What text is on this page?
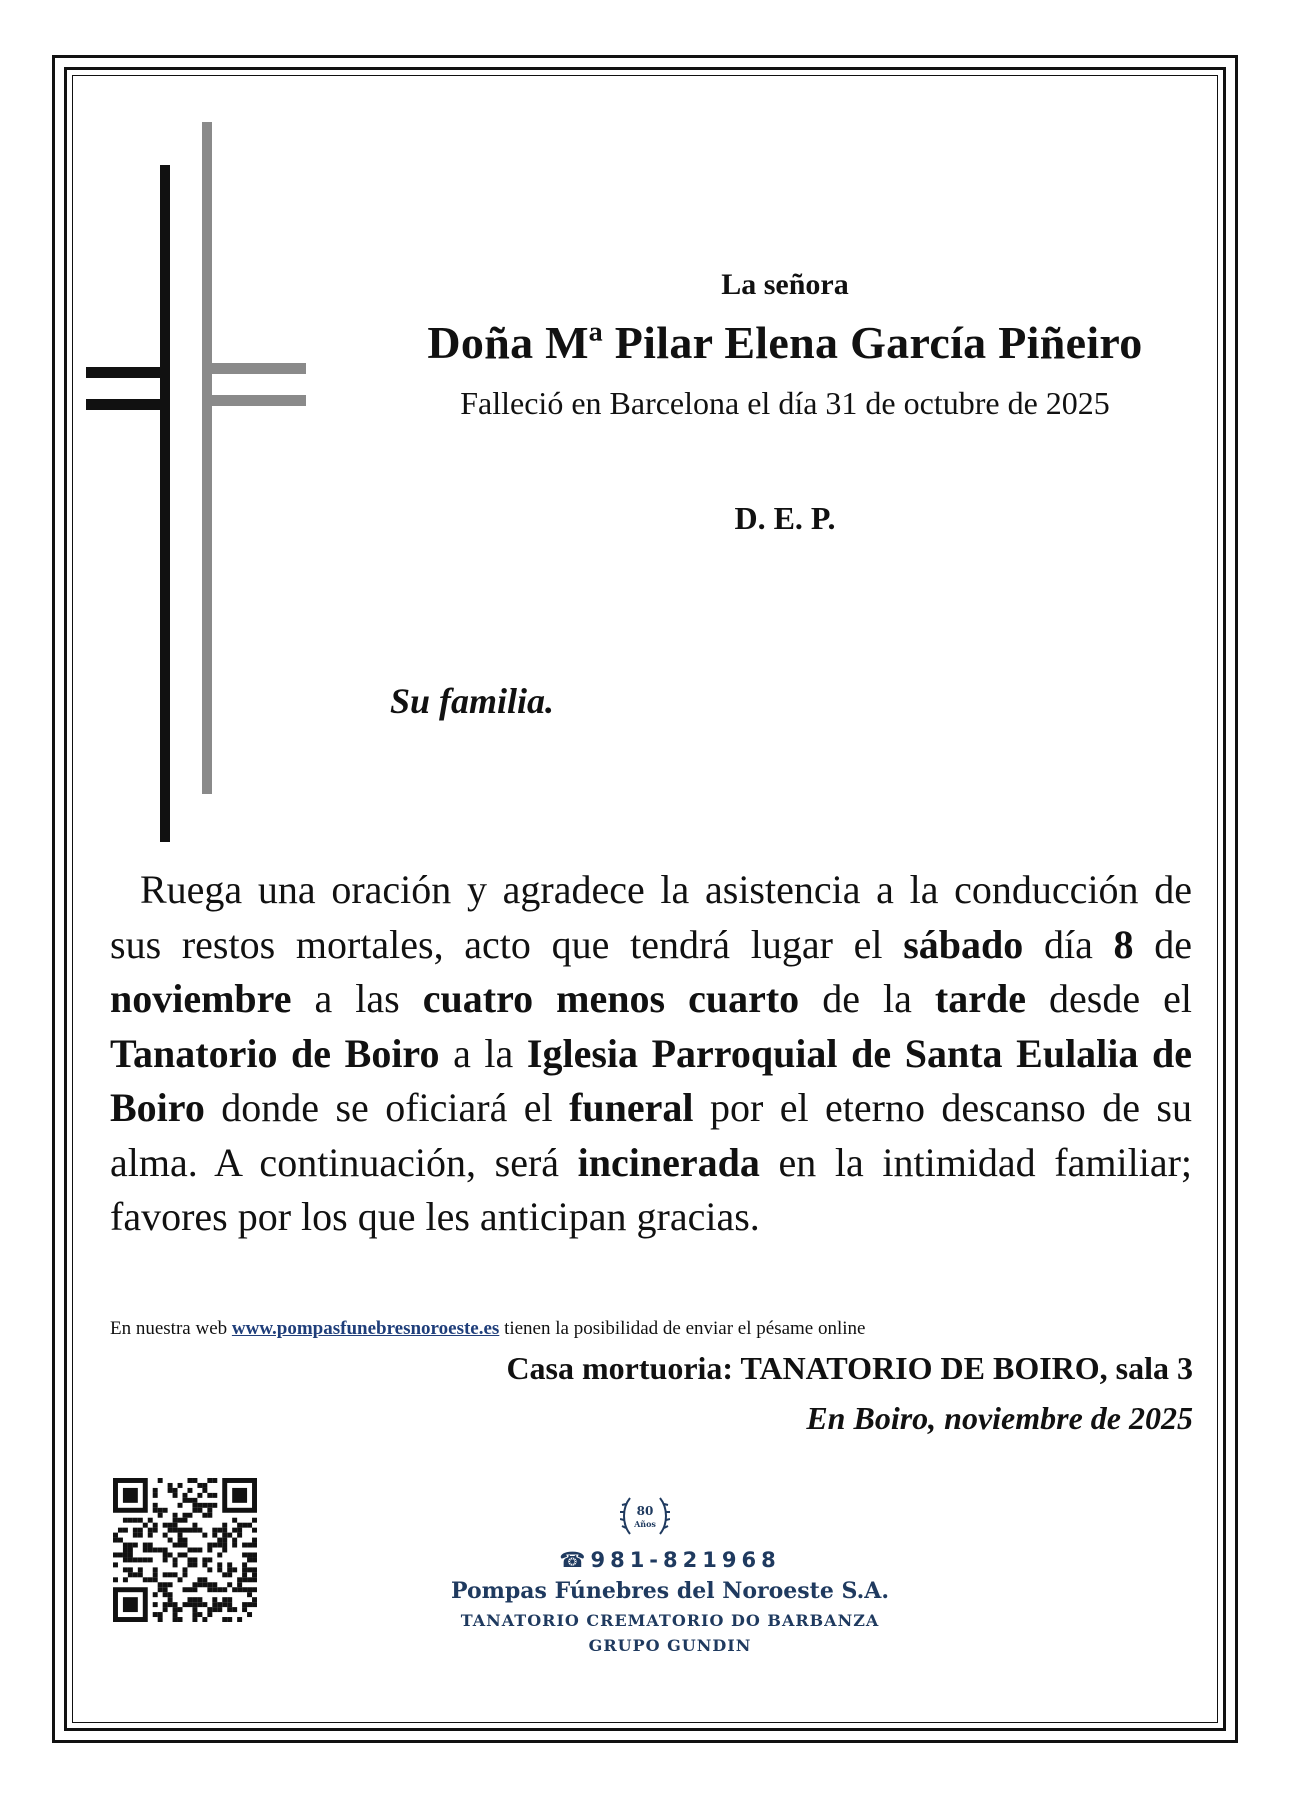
La señora
Doña Mª Pilar Elena García Piñeiro
Falleció en Barcelona el día 31 de octubre de 2025
D. E. P.
Su familia.
Ruega una oración y agradece la asistencia a la conducción de sus restos mortales, acto que tendrá lugar el sábado día 8 de noviembre a las cuatro menos cuarto de la tarde desde el Tanatorio de Boiro a la Iglesia Parroquial de Santa Eulalia de Boiro donde se oficiará el funeral por el eterno descanso de su alma. A continuación, será incinerada en la intimidad familiar; favores por los que les anticipan gracias.
En nuestra web www.pompasfunebresnoroeste.es tienen la posibilidad de enviar el pésame online
Casa mortuoria: TANATORIO DE BOIRO, sala 3
En Boiro, noviembre de 2025
80
Años
☎981-821968
Pompas Fúnebres del Noroeste S.A.
TANATORIO CREMATORIO DO BARBANZA
GRUPO GUNDIN
